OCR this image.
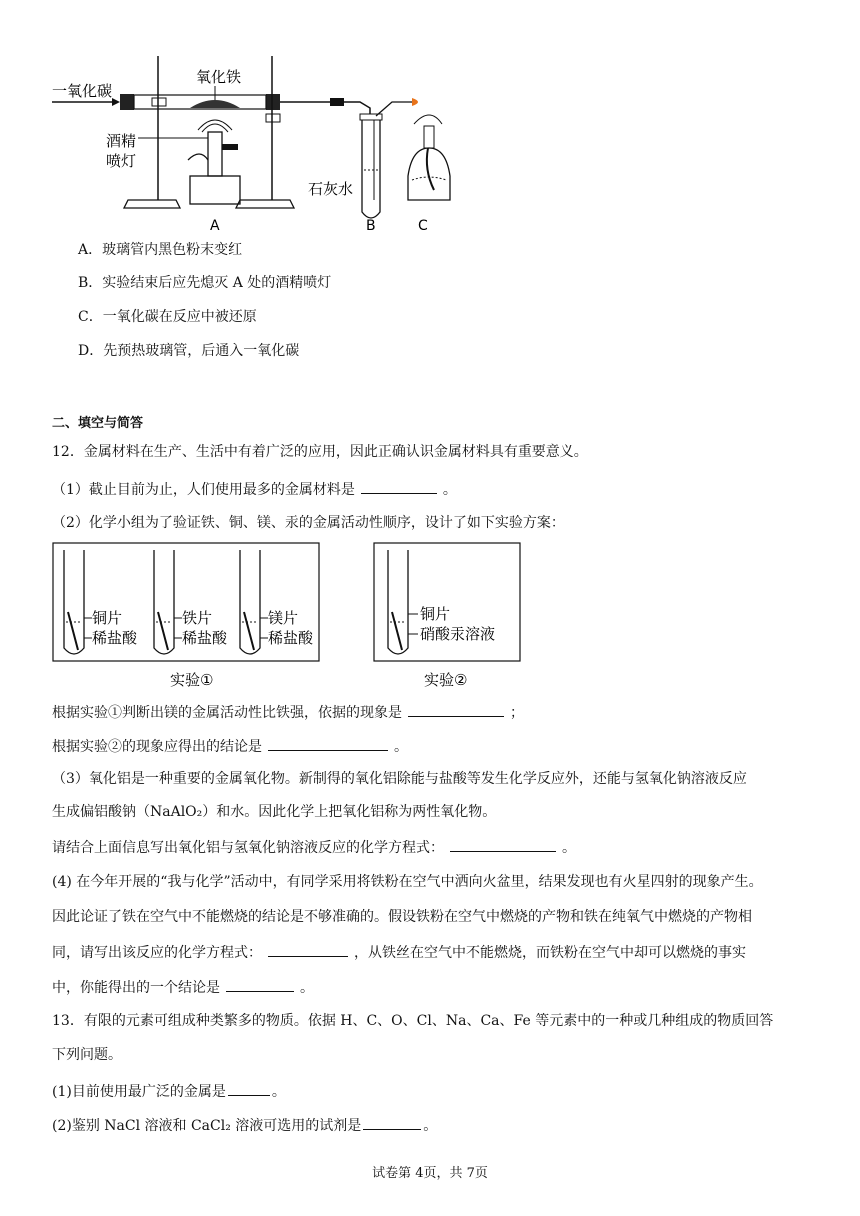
一氧化碳
氧化铁
酒精
喷灯
石灰水
A	B	C
A．玻璃管内黑色粉末变红
B．实验结束后应先熄灭 A 处的酒精喷灯
C．一氧化碳在反应中被还原
D．先预热玻璃管，后通入一氧化碳
二、填空与简答
12．金属材料在生产、生活中有着广泛的应用，因此正确认识金属材料具有重要意义。
（1）截止目前为止，人们使用最多的金属材料是	。
（2）化学小组为了验证铁、铜、镁、汞的金属活动性顺序，设计了如下实验方案：
铜片
稀盐酸
铁片
稀盐酸
镁片
稀盐酸
实验①
铜片
硝酸汞溶液
实验②
根据实验①判断出镁的金属活动性比铁强，依据的现象是	；
根据实验②的现象应得出的结论是	。
（3）氧化铝是一种重要的金属氧化物。新制得的氧化铝除能与盐酸等发生化学反应外，还能与氢氧化钠溶液反应
生成偏铝酸钠（NaAlO₂）和水。因此化学上把氧化铝称为两性氧化物。
请结合上面信息写出氧化铝与氢氧化钠溶液反应的化学方程式：	。
(4) 在今年开展的“我与化学”活动中，有同学采用将铁粉在空气中洒向火盆里，结果发现也有火星四射的现象产生。
因此论证了铁在空气中不能燃烧的结论是不够准确的。假设铁粉在空气中燃烧的产物和铁在纯氧气中燃烧的产物相
同，请写出该反应的化学方程式：	，从铁丝在空气中不能燃烧，而铁粉在空气中却可以燃烧的事实
中，你能得出的一个结论是	。
13．有限的元素可组成种类繁多的物质。依据 H、C、O、Cl、Na、Ca、Fe 等元素中的一种或几种组成的物质回答
下列问题。
(1)目前使用最广泛的金属是	。
(2)鉴别 NaCl 溶液和 CaCl₂ 溶液可选用的试剂是	。
试卷第 4页，共 7页
